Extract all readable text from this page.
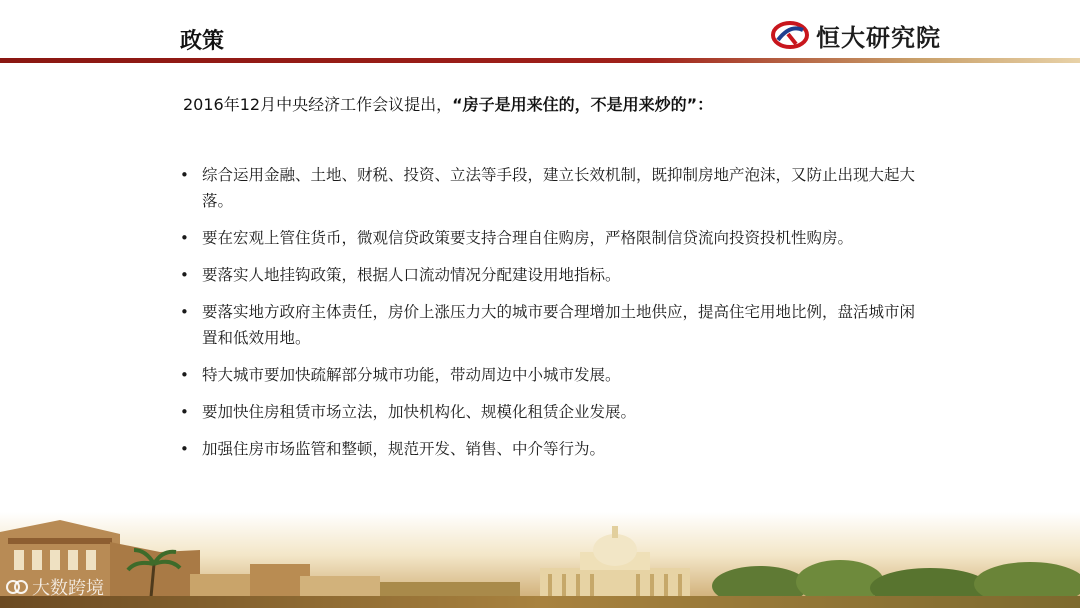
政策	恒大研究院
2016年12月中央经济工作会议提出，“房子是用来住的，不是用来炒的”：
• 综合运用金融、土地、财税、投资、立法等手段，建立长效机制，既抑制房地产泡沫，又防止出现大起大落。
• 要在宏观上管住货币，微观信贷政策要支持合理自住购房，严格限制信贷流向投资投机性购房。
• 要落实人地挂钩政策，根据人口流动情况分配建设用地指标。
• 要落实地方政府主体责任，房价上涨压力大的城市要合理增加土地供应，提高住宅用地比例，盘活城市闲置和低效用地。
• 特大城市要加快疏解部分城市功能，带动周边中小城市发展。
• 要加快住房租赁市场立法，加快机构化、规模化租赁企业发展。
• 加强住房市场监管和整顿，规范开发、销售、中介等行为。
大数跨境
